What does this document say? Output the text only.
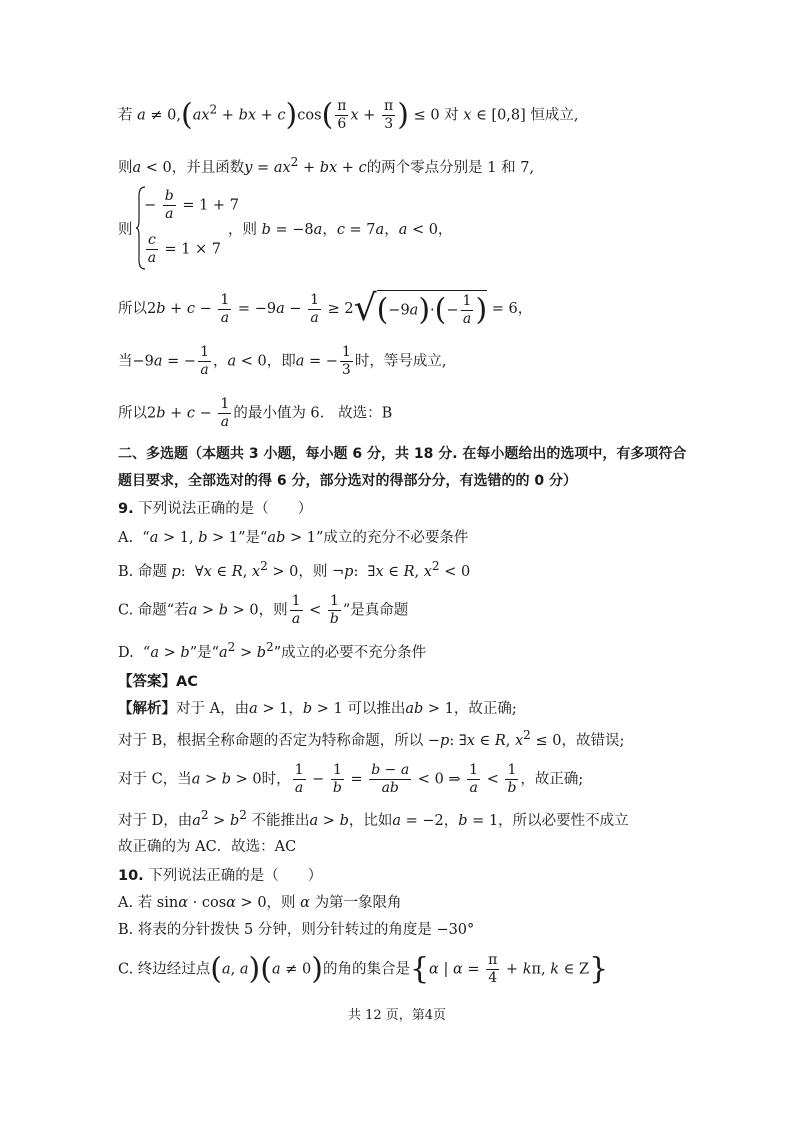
若 $a \ne 0,(ax^2$ + bx + $c)\cos( \frac{\pi}{6}$ $x + \frac{\pi}{3}$ ) ≤ 0 对 x ∈ [0,8] 恒成立,
则a < 0，并且函数$y = ax^2$ + bx + c的两个零点分别是 1 和 7,
则
− $\frac{b}{a} = 1 + 7$
$\frac{c}{a} = 1 \times 7$
，则 b = −8a，c = 7a，a < 0，
所以$2b + c - \frac{1}{a} = -9a - \frac{1}{a} \ge 2√(-9a)\cdot(- \frac{1}{a}$ ) = 6，
当−9a = − $\frac{1}{a}$ ，a < 0，即a = − $\frac{1}{3}$ 时，等号成立,
所以$2b + c - \frac{1}{a}$ 的最小值为 6. 故选：B
二、多选题（本题共 3 小题，每小题 6 分，共 18 分. 在每小题给出的选项中，有多项符合
题目要求，全部选对的得 6 分，部分选对的得部分分，有选错的的 0 分）
9. 下列说法正确的是（　　）
A.  “a > 1, b > 1”是“ab > 1”成立的充分不必要条件
B. 命题 p:  ∀x ∈ R, $x^2 > 0$，则 ¬p:  ∃x ∈ R, $x^2 < 0$
C. 命题“若a > b > 0，则 $\frac{1}{a} < \frac{1}{b}$ ”是真命题
D.  “a > b”是“$a^2 > b^2$”成立的必要不充分条件
【答案】AC
【解析】对于 A，由a > 1，b > 1 可以推出ab > 1，故正确;
对于 B，根据全称命题的否定为特称命题，所以 −p: ∃x ∈ R, $x^2 \le 0$，故错误;
对于 C，当a > b > 0时， $\frac{1}{a} - \frac{1}{b} = \frac{b - a}{ab} < 0$ ⇒ $\frac{1}{a} < \frac{1}{b}$ ，故正确;
对于 D，由$a^2 > b^2$ 不能推出a > b，比如a = −2，b = 1，所以必要性不成立
故正确的为 AC．故选：AC
10. 下列说法正确的是（　　）
A. 若 sinα · cosα > 0，则 α 为第一象限角
B. 将表的分针拨快 5 分钟，则分针转过的角度是 −30°
C. 终边经过点(a, a)(a ≠ 0)的角的集合是{α | $\alpha = \frac{\pi}{4} + k\pi$, k ∈ Z}
共 12 页，第4页
